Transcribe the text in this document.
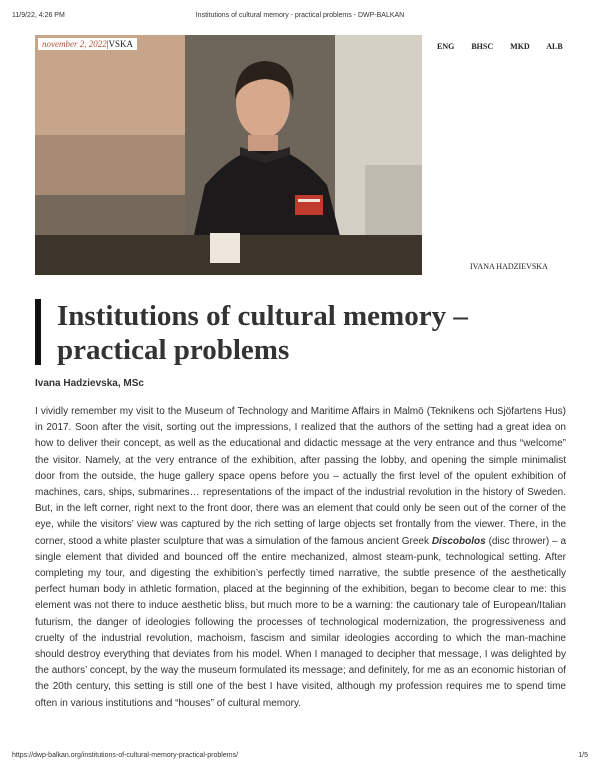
11/9/22, 4:26 PM	Institutions of cultural memory - practical problems - DWP-BALKAN
november 2, 2022|VSKA	ENG BHSC MKD ALB
IVANA HADZIEVSKA
Institutions of cultural memory – practical problems
Ivana Hadzievska, MSc

I vividly remember my visit to the Museum of Technology and Maritime Affairs in Malmö (Teknikens och Sjöfartens Hus) in 2017. Soon after the visit, sorting out the impressions, I realized that the authors of the setting had a great idea on how to deliver their concept, as well as the educational and didactic message at the very entrance and thus “welcome” the visitor. Namely, at the very entrance of the exhibition, after passing the lobby, and opening the simple minimalist door from the outside, the huge gallery space opens before you – actually the first level of the opulent exhibition of machines, cars, ships, submarines… representations of the impact of the industrial revolution in the history of Sweden. But, in the left corner, right next to the front door, there was an element that could only be seen out of the corner of the eye, while the visitors’ view was captured by the rich setting of large objects set frontally from the viewer. There, in the corner, stood a white plaster sculpture that was a simulation of the famous ancient Greek Discobolos (disc thrower) – a single element that divided and bounced off the entire mechanized, almost steam-punk, technological setting. After completing my tour, and digesting the exhibition’s perfectly timed narrative, the subtle presence of the aesthetically perfect human body in athletic formation, placed at the beginning of the exhibition, began to become clear to me: this element was not there to induce aesthetic bliss, but much more to be a warning: the cautionary tale of European/Italian futurism, the danger of ideologies following the processes of technological modernization, the progressiveness and cruelty of the industrial revolution, machoism, fascism and similar ideologies according to which the man-machine should destroy everything that deviates from his model. When I managed to decipher that message, I was delighted by the authors’ concept, by the way the museum formulated its message; and definitely, for me as an economic historian of the 20th century, this setting is still one of the best I have visited, although my profession requires me to spend time often in various institutions and “houses” of cultural memory.

https://dwp-balkan.org/institutions-of-cultural-memory-practical-problems/	1/5
